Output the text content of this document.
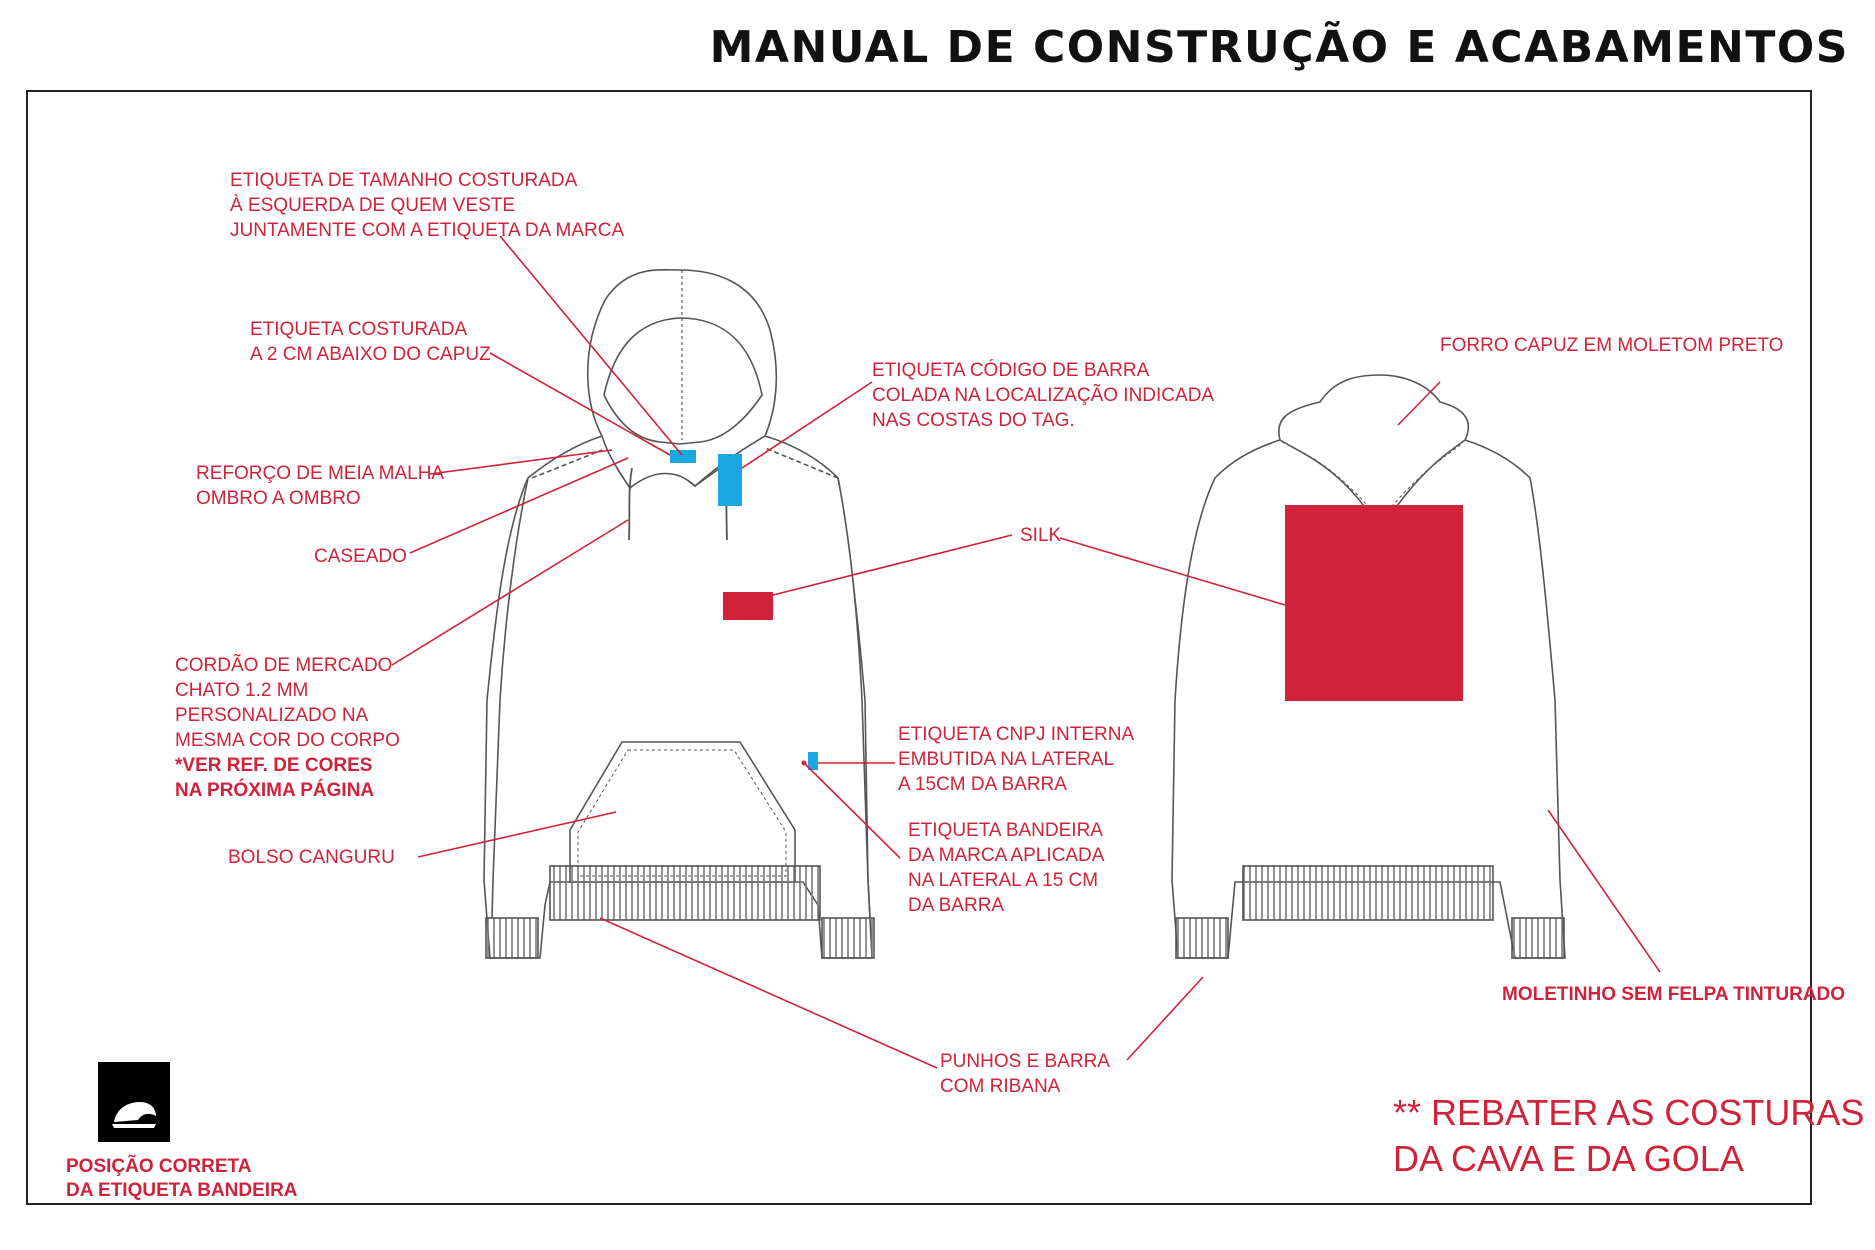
MANUAL DE CONSTRUÇÃO E ACABAMENTOS
ETIQUETA DE TAMANHO COSTURADA
À ESQUERDA DE QUEM VESTE
JUNTAMENTE COM A ETIQUETA DA MARCA
ETIQUETA COSTURADA
A 2 CM ABAIXO DO CAPUZ
ETIQUETA CÓDIGO DE BARRA
COLADA NA LOCALIZAÇÃO INDICADA
NAS COSTAS DO TAG.
FORRO CAPUZ EM MOLETOM PRETO
REFORÇO DE MEIA MALHA
OMBRO A OMBRO
CASEADO
SILK
CORDÃO DE MERCADO
CHATO 1.2 MM
PERSONALIZADO NA
MESMA COR DO CORPO
*VER REF. DE CORES
NA PRÓXIMA PÁGINA
ETIQUETA CNPJ INTERNA
EMBUTIDA NA LATERAL
A 15CM DA BARRA
ETIQUETA BANDEIRA
DA MARCA APLICADA
NA LATERAL A 15 CM
DA BARRA
BOLSO CANGURU
PUNHOS E BARRA
COM RIBANA
MOLETINHO SEM FELPA TINTURADO
** REBATER AS COSTURAS
DA CAVA E DA GOLA
POSIÇÃO CORRETA
DA ETIQUETA BANDEIRA
